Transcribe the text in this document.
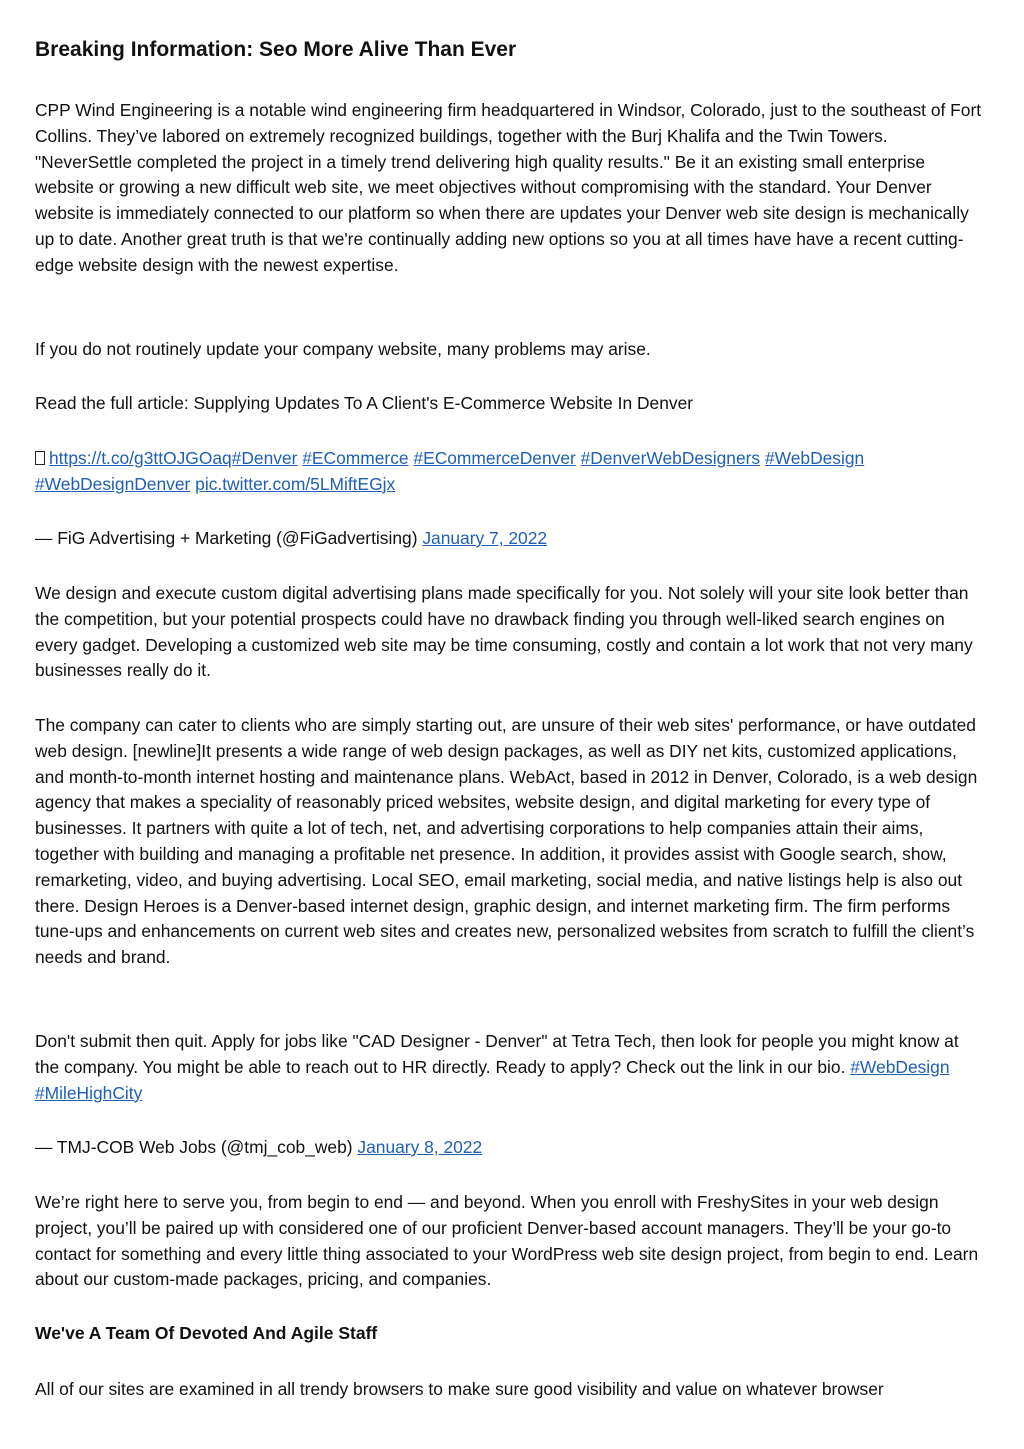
Breaking Information: Seo More Alive Than Ever

CPP Wind Engineering is a notable wind engineering firm headquartered in Windsor, Colorado, just to the southeast of Fort Collins. They’ve labored on extremely recognized buildings, together with the Burj Khalifa and the Twin Towers. "NeverSettle completed the project in a timely trend delivering high quality results." Be it an existing small enterprise website or growing a new difficult web site, we meet objectives without compromising with the standard. Your Denver website is immediately connected to our platform so when there are updates your Denver web site design is mechanically up to date. Another great truth is that we're continually adding new options so you at all times have have a recent cutting-edge website design with the newest expertise.

If you do not routinely update your company website, many problems may arise.

Read the full article: Supplying Updates To A Client's E-Commerce Website In Denver

https://t.co/g3ttOJGOaq#Denver #ECommerce #ECommerceDenver #DenverWebDesigners #WebDesign
#WebDesignDenver pic.twitter.com/5LMiftEGjx

— FiG Advertising + Marketing (@FiGadvertising) January 7, 2022

We design and execute custom digital advertising plans made specifically for you. Not solely will your site look better than the competition, but your potential prospects could have no drawback finding you through well-liked search engines on every gadget. Developing a customized web site may be time consuming, costly and contain a lot work that not very many businesses really do it.

The company can cater to clients who are simply starting out, are unsure of their web sites' performance, or have outdated web design. [newline]It presents a wide range of web design packages, as well as DIY net kits, customized applications, and month-to-month internet hosting and maintenance plans. WebAct, based in 2012 in Denver, Colorado, is a web design agency that makes a speciality of reasonably priced websites, website design, and digital marketing for every type of businesses. It partners with quite a lot of tech, net, and advertising corporations to help companies attain their aims, together with building and managing a profitable net presence. In addition, it provides assist with Google search, show, remarketing, video, and buying advertising. Local SEO, email marketing, social media, and native listings help is also out there. Design Heroes is a Denver-based internet design, graphic design, and internet marketing firm. The firm performs tune-ups and enhancements on current web sites and creates new, personalized websites from scratch to fulfill the client’s needs and brand.

Don't submit then quit. Apply for jobs like "CAD Designer - Denver" at Tetra Tech, then look for people you might know at the company. You might be able to reach out to HR directly. Ready to apply? Check out the link in our bio. #WebDesign #MileHighCity

— TMJ-COB Web Jobs (@tmj_cob_web) January 8, 2022

We’re right here to serve you, from begin to end — and beyond. When you enroll with FreshySites in your web design project, you’ll be paired up with considered one of our proficient Denver-based account managers. They’ll be your go-to contact for something and every little thing associated to your WordPress web site design project, from begin to end. Learn about our custom-made packages, pricing, and companies.

We've A Team Of Devoted And Agile Staff

All of our sites are examined in all trendy browsers to make sure good visibility and value on whatever browser
